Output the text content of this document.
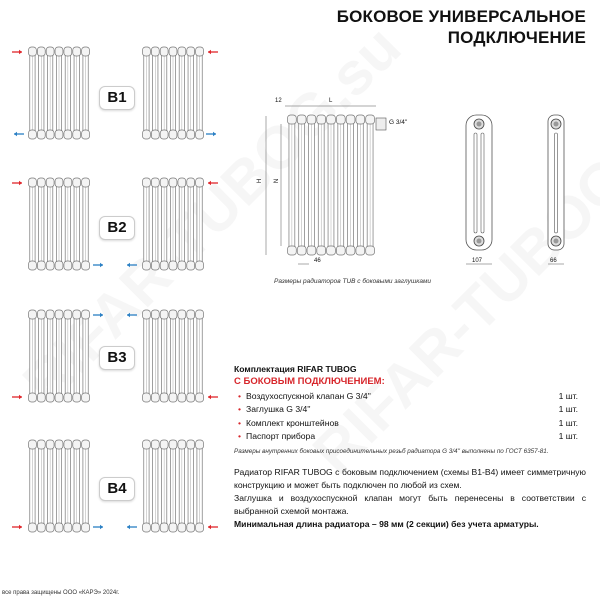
БОКОВОЕ УНИВЕРСАЛЬНОЕ
ПОДКЛЮЧЕНИЕ
B1
B2
B3
B4
12	L
G 3/4''
H N
46	107	66
Размеры радиаторов TUB с боковыми заглушками
Комплектация RIFAR TUBOG
С БОКОВЫМ ПОДКЛЮЧЕНИЕМ:
• Воздухоспускной клапан G 3/4''	1 шт.
• Заглушка G 3/4''	1 шт.
• Комплект кронштейнов	1 шт.
• Паспорт прибора	1 шт.
Размеры внутренних боковых присоединительных резьб радиатора G 3/4'' выполнены по ГОСТ 6357-81.
Радиатор RIFAR TUBOG с боковым подключением (схемы В1-В4) имеет симметричную конструкцию и может быть подключен по любой из схем.
Заглушка и воздухоспускной клапан могут быть перенесены в соответствии с выбранной схемой монтажа.
Минимальная длина радиатора – 98 мм (2 секции) без учета арматуры.
все права защищены ООО «КАРЭ» 2024г.
